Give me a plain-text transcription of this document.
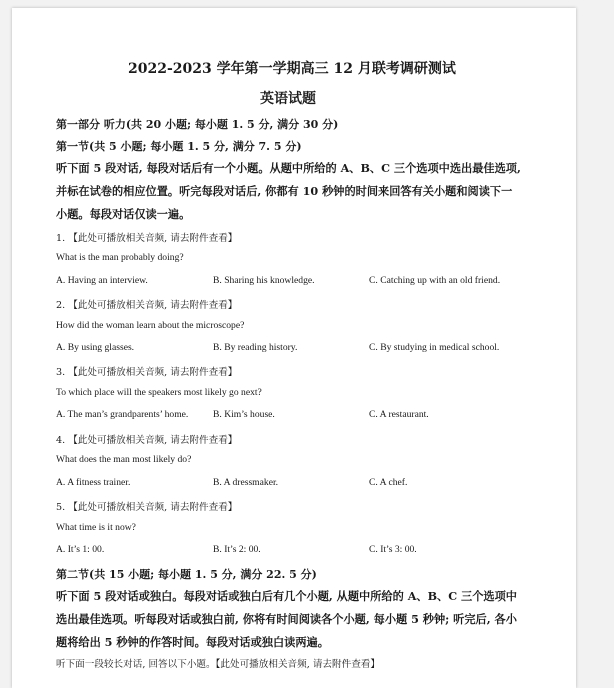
2022-2023 学年第一学期高三 12 月联考调研测试
英语试题
第一部分 听力(共 20 小题; 每小题 1. 5 分, 满分 30 分)
第一节(共 5 小题; 每小题 1. 5 分, 满分 7. 5 分)
听下面 5 段对话, 每段对话后有一个小题。从题中所给的 A、B、C 三个选项中选出最佳选项,
并标在试卷的相应位置。听完每段对话后, 你都有 10 秒钟的时间来回答有关小题和阅读下一
小题。每段对话仅读一遍。
1. 【此处可播放相关音频, 请去附件查看】
What is the man probably doing?
A. Having an interview.	B. Sharing his knowledge.	C. Catching up with an old friend.
2. 【此处可播放相关音频, 请去附件查看】
How did the woman learn about the microscope?
A. By using glasses.	B. By reading history.	C. By studying in medical school.
3. 【此处可播放相关音频, 请去附件查看】
To which place will the speakers most likely go next?
A. The man’s grandparents’ home.	B. Kim’s house.	C. A restaurant.
4. 【此处可播放相关音频, 请去附件查看】
What does the man most likely do?
A. A fitness trainer.	B. A dressmaker.	C. A chef.
5. 【此处可播放相关音频, 请去附件查看】
What time is it now?
A. It’s 1: 00.	B. It’s 2: 00.	C. It’s 3: 00.
第二节(共 15 小题; 每小题 1. 5 分, 满分 22. 5 分)
听下面 5 段对话或独白。每段对话或独白后有几个小题, 从题中所给的 A、B、C 三个选项中
选出最佳选项。听每段对话或独白前, 你将有时间阅读各个小题, 每小题 5 秒钟; 听完后, 各小
题将给出 5 秒钟的作答时间。每段对话或独白读两遍。
听下面一段较长对话, 回答以下小题。【此处可播放相关音频, 请去附件查看】
